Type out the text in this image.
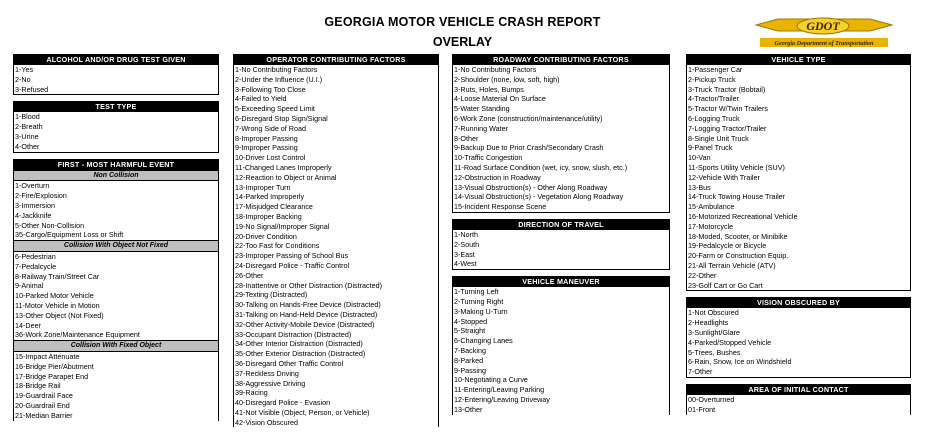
GEORGIA MOTOR VEHICLE CRASH REPORT
OVERLAY
GDOT
Georgia Department of Transportation
ALCOHOL AND/OR DRUG TEST GIVEN
1-Yes
2-No
3-Refused
TEST TYPE
1-Blood
2-Breath
3-Urine
4-Other
FIRST - MOST HARMFUL EVENT
Non Collision
1-Overturn
2-Fire/Explosion
3-Immersion
4-Jackknife
5-Other Non-Collision
35-Cargo/Equipment Loss or Shift
Collision With Object Not Fixed
6-Pedestrian
7-Pedalcycle
8-Railway Train/Street Car
9-Animal
10-Parked Motor Vehicle
11-Motor Vehicle in Motion
13-Other Object (Not Fixed)
14-Deer
36-Work Zone/Maintenance Equipment
Collision With Fixed Object
15-Impact Attenuate
16-Bridge Pier/Abutment
17-Bridge Parapet End
18-Bridge Rail
19-Guardrail Face
20-Guardrail End
21-Median Barrier
OPERATOR CONTRIBUTING FACTORS
1-No Contributing Factors
2-Under the Influence (U.I.)
3-Following Too Close
4-Failed to Yield
5-Exceeding Speed Limit
6-Disregard Stop Sign/Signal
7-Wrong Side of Road
8-Improper Passing
9-Improper Passing
10-Driver Lost Control
11-Changed Lanes Improperly
12-Reaction to Object or Animal
13-Improper Turn
14-Parked Improperly
17-Misjudged Clearance
18-Improper Backing
19-No Signal/Improper Signal
20-Driver Condition
22-Too Fast for Conditions
23-Improper Passing of School Bus
24-Disregard Police - Traffic Control
26-Other
28-Inattentive or Other Distraction (Distracted)
29-Texting (Distracted)
30-Talking on Hands-Free Device (Distracted)
31-Talking on Hand-Held Device (Distracted)
32-Other Activity-Mobile Device (Distracted)
33-Occupant Distraction (Distracted)
34-Other Interior Distraction (Distracted)
35-Other Exterior Distraction (Distracted)
36-Disregard Other Traffic Control
37-Reckless Driving
38-Aggressive Driving
39-Racing
40-Disregard Police - Evasion
41-Not Visible (Object, Person, or Vehicle)
42-Vision Obscured
ROADWAY CONTRIBUTING FACTORS
1-No Contributing Factors
2-Shoulder (none, low, soft, high)
3-Ruts, Holes, Bumps
4-Loose Material On Surface
5-Water Standing
6-Work Zone (construction/maintenance/utility)
7-Running Water
8-Other
9-Backup Due to Prior Crash/Secondary Crash
10-Traffic Congestion
11-Road Surface Condition (wet, icy, snow, slush, etc.)
12-Obstruction in Roadway
13-Visual Obstruction(s) - Other Along Roadway
14-Visual Obstruction(s) - Vegetation Along Roadway
15-Incident Response Scene
DIRECTION OF TRAVEL
1-North
2-South
3-East
4-West
VEHICLE MANEUVER
1-Turning Left
2-Turning Right
3-Making U-Turn
4-Stopped
5-Straight
6-Changing Lanes
7-Backing
8-Parked
9-Passing
10-Negotiating a Curve
11-Entering/Leaving Parking
12-Entering/Leaving Driveway
13-Other
VEHICLE TYPE
1-Passenger Car
2-Pickup Truck
3-Truck Tractor (Bobtail)
4-Tractor/Trailer
5-Tractor W/Twin Trailers
6-Logging Truck
7-Logging Tractor/Trailer
8-Single Unit Truck
9-Panel Truck
10-Van
11-Sports Utility Vehicle (SUV)
12-Vehicle With Trailer
13-Bus
14-Truck Towing House Trailer
15-Ambulance
16-Motorized Recreational Vehicle
17-Motorcycle
18-Moded, Scooter, or Minibike
19-Pedalcycle or Bicycle
20-Farm or Construction Equip.
21-All Terrain Vehicle (ATV)
22-Other
23-Golf Cart or Go Cart
VISION OBSCURED BY
1-Not Obscured
2-Headlights
3-Sunlight/Glare
4-Parked/Stopped Vehicle
5-Trees, Bushes
6-Rain, Snow, Ice on Windshield
7-Other
AREA OF INITIAL CONTACT
00-Overturned
01-Front
